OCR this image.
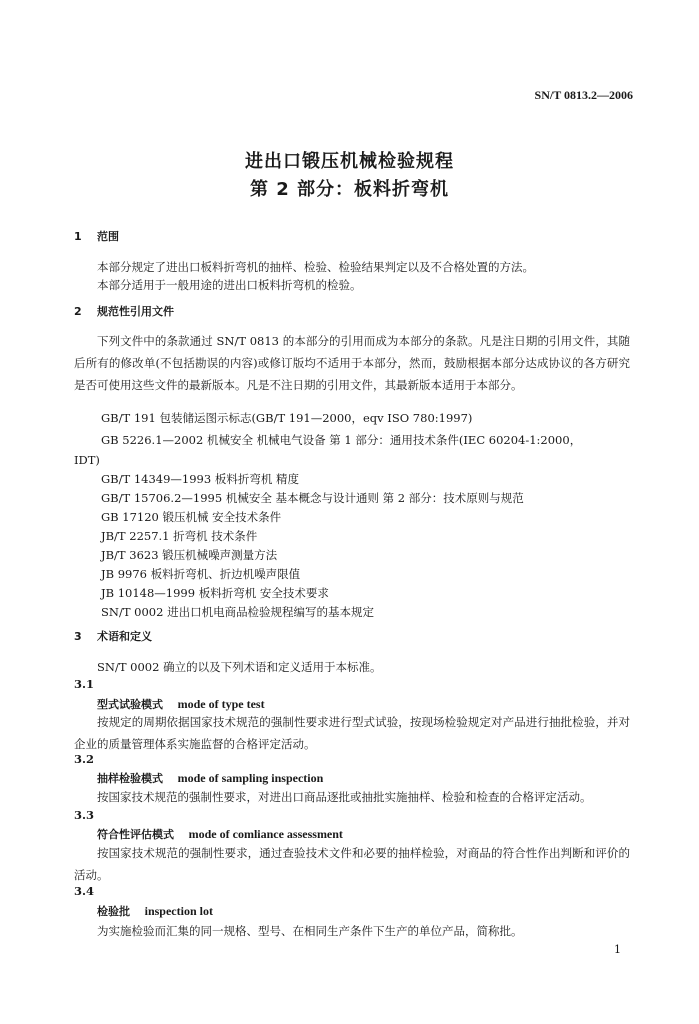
SN/T 0813.2—2006
进出口锻压机械检验规程
第 2 部分：板料折弯机
1 范围
本部分规定了进出口板料折弯机的抽样、检验、检验结果判定以及不合格处置的方法。
本部分适用于一般用途的进出口板料折弯机的检验。
2 规范性引用文件
下列文件中的条款通过 SN/T 0813 的本部分的引用而成为本部分的条款。凡是注日期的引用文件，其随后所有的修改单(不包括勘误的内容)或修订版均不适用于本部分，然而，鼓励根据本部分达成协议的各方研究是否可使用这些文件的最新版本。凡是不注日期的引用文件，其最新版本适用于本部分。
GB/T 191 包装储运图示标志(GB/T 191—2000，eqv ISO 780:1997)
GB 5226.1—2002 机械安全 机械电气设备 第 1 部分：通用技术条件(IEC 60204-1:2000，
IDT)
GB/T 14349—1993 板料折弯机 精度
GB/T 15706.2—1995 机械安全 基本概念与设计通则 第 2 部分：技术原则与规范
GB 17120 锻压机械 安全技术条件
JB/T 2257.1 折弯机 技术条件
JB/T 3623 锻压机械噪声测量方法
JB 9976 板料折弯机、折边机噪声限值
JB 10148—1999 板料折弯机 安全技术要求
SN/T 0002 进出口机电商品检验规程编写的基本规定
3 术语和定义
SN/T 0002 确立的以及下列术语和定义适用于本标准。
3.1
型式试验模式 mode of type test
按规定的周期依据国家技术规范的强制性要求进行型式试验，按现场检验规定对产品进行抽批检验，并对企业的质量管理体系实施监督的合格评定活动。
3.2
抽样检验模式 mode of sampling inspection
按国家技术规范的强制性要求，对进出口商品逐批或抽批实施抽样、检验和检查的合格评定活动。
3.3
符合性评估模式 mode of comliance assessment
按国家技术规范的强制性要求，通过查验技术文件和必要的抽样检验，对商品的符合性作出判断和评价的活动。
3.4
检验批 inspection lot
为实施检验而汇集的同一规格、型号、在相同生产条件下生产的单位产品，简称批。
1
